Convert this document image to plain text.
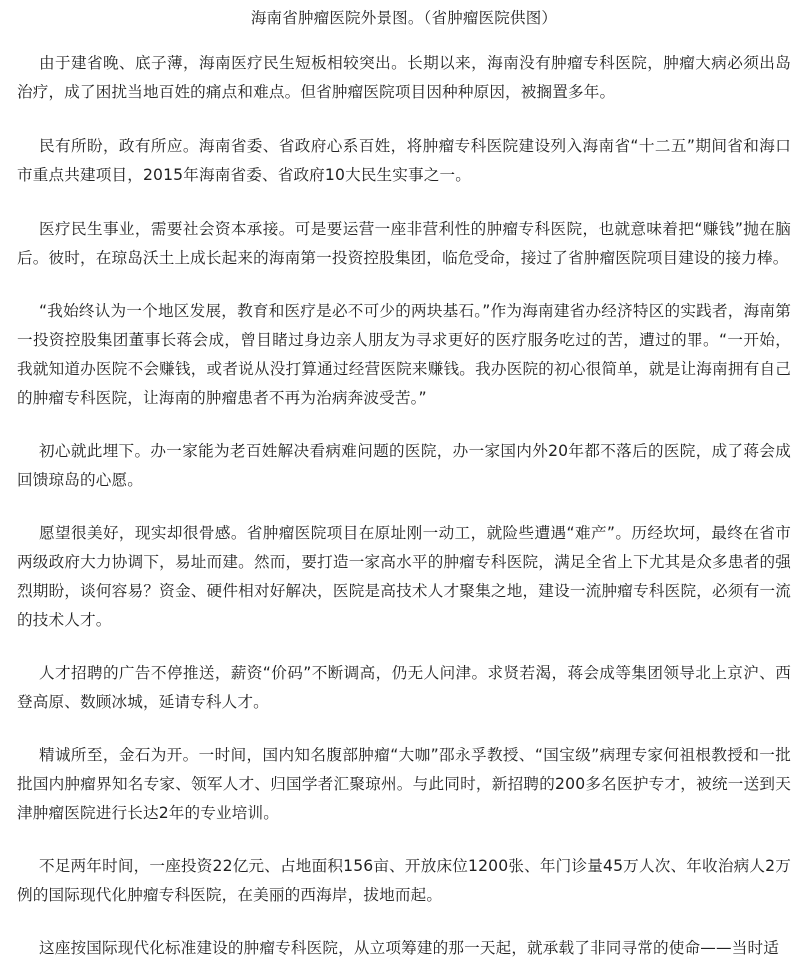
海南省肿瘤医院外景图。（省肿瘤医院供图）

由于建省晚、底子薄，海南医疗民生短板相较突出。长期以来，海南没有肿瘤专科医院，肿瘤大病必须出岛治疗，成了困扰当地百姓的痛点和难点。但省肿瘤医院项目因种种原因，被搁置多年。

民有所盼，政有所应。海南省委、省政府心系百姓，将肿瘤专科医院建设列入海南省“十二五”期间省和海口市重点共建项目，2015年海南省委、省政府10大民生实事之一。

医疗民生事业，需要社会资本承接。可是要运营一座非营利性的肿瘤专科医院，也就意味着把“赚钱”抛在脑后。彼时，在琼岛沃土上成长起来的海南第一投资控股集团，临危受命，接过了省肿瘤医院项目建设的接力棒。

“我始终认为一个地区发展，教育和医疗是必不可少的两块基石。”作为海南建省办经济特区的实践者，海南第一投资控股集团董事长蒋会成，曾目睹过身边亲人朋友为寻求更好的医疗服务吃过的苦，遭过的罪。“一开始，我就知道办医院不会赚钱，或者说从没打算通过经营医院来赚钱。我办医院的初心很简单，就是让海南拥有自己的肿瘤专科医院，让海南的肿瘤患者不再为治病奔波受苦。”

初心就此埋下。办一家能为老百姓解决看病难问题的医院，办一家国内外20年都不落后的医院，成了蒋会成回馈琼岛的心愿。

愿望很美好，现实却很骨感。省肿瘤医院项目在原址刚一动工，就险些遭遇“难产”。历经坎坷，最终在省市两级政府大力协调下，易址而建。然而，要打造一家高水平的肿瘤专科医院，满足全省上下尤其是众多患者的强烈期盼，谈何容易？资金、硬件相对好解决，医院是高技术人才聚集之地，建设一流肿瘤专科医院，必须有一流的技术人才。

人才招聘的广告不停推送，薪资“价码”不断调高，仍无人问津。求贤若渴，蒋会成等集团领导北上京沪、西登高原、数顾冰城，延请专科人才。

精诚所至，金石为开。一时间，国内知名腹部肿瘤“大咖”邵永孚教授、“国宝级”病理专家何祖根教授和一批批国内肿瘤界知名专家、领军人才、归国学者汇聚琼州。与此同时，新招聘的200多名医护专才，被统一送到天津肿瘤医院进行长达2年的专业培训。

不足两年时间，一座投资22亿元、占地面积156亩、开放床位1200张、年门诊量45万人次、年收治病人2万例的国际现代化肿瘤专科医院，在美丽的西海岸，拔地而起。

这座按国际现代化标准建设的肿瘤专科医院，从立项筹建的那一天起，就承载了非同寻常的使命——当时适
